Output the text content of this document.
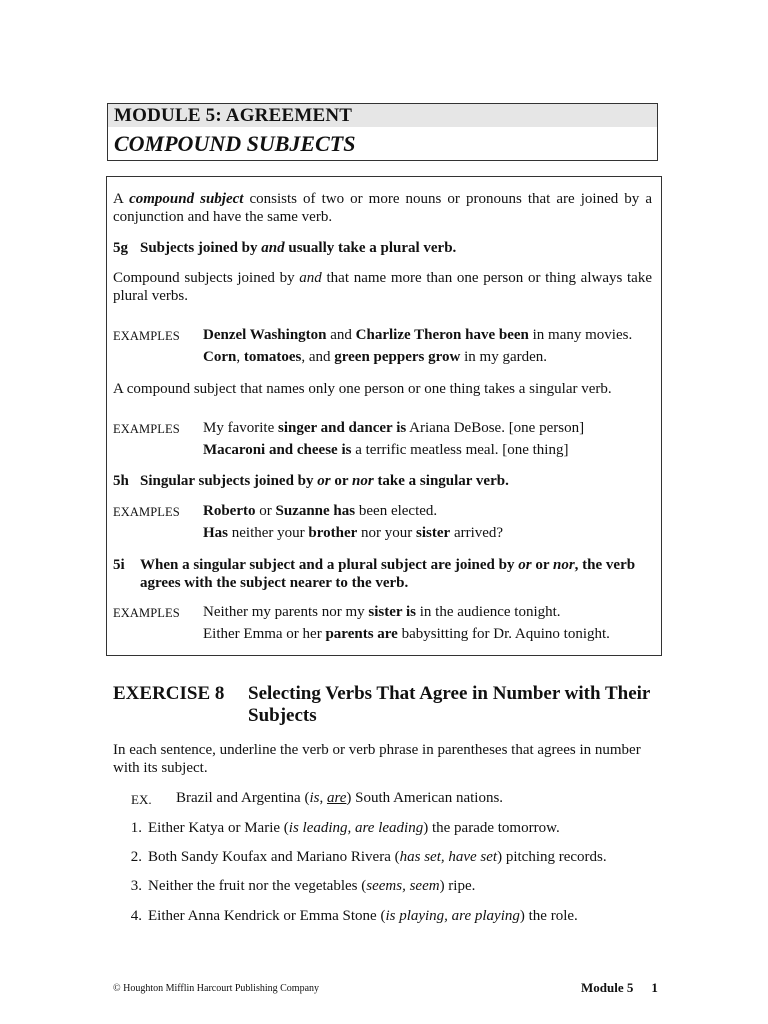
MODULE 5: AGREEMENT
COMPOUND SUBJECTS
A compound subject consists of two or more nouns or pronouns that are joined by a conjunction and have the same verb.
5g Subjects joined by and usually take a plural verb.
Compound subjects joined by and that name more than one person or thing always take plural verbs.
EXAMPLES Denzel Washington and Charlize Theron have been in many movies.
Corn, tomatoes, and green peppers grow in my garden.
A compound subject that names only one person or one thing takes a singular verb.
EXAMPLES My favorite singer and dancer is Ariana DeBose. [one person]
Macaroni and cheese is a terrific meatless meal. [one thing]
5h Singular subjects joined by or or nor take a singular verb.
EXAMPLES Roberto or Suzanne has been elected.
Has neither your brother nor your sister arrived?
5i When a singular subject and a plural subject are joined by or or nor, the verb
agrees with the subject nearer to the verb.
EXAMPLES Neither my parents nor my sister is in the audience tonight.
Either Emma or her parents are babysitting for Dr. Aquino tonight.
EXERCISE 8 Selecting Verbs That Agree in Number with Their Subjects
In each sentence, underline the verb or verb phrase in parentheses that agrees in number with its subject.
EX. Brazil and Argentina (is, are) South American nations.
1. Either Katya or Marie (is leading, are leading) the parade tomorrow.
2. Both Sandy Koufax and Mariano Rivera (has set, have set) pitching records.
3. Neither the fruit nor the vegetables (seems, seem) ripe.
4. Either Anna Kendrick or Emma Stone (is playing, are playing) the role.
© Houghton Mifflin Harcourt Publishing Company	Module 5 1
